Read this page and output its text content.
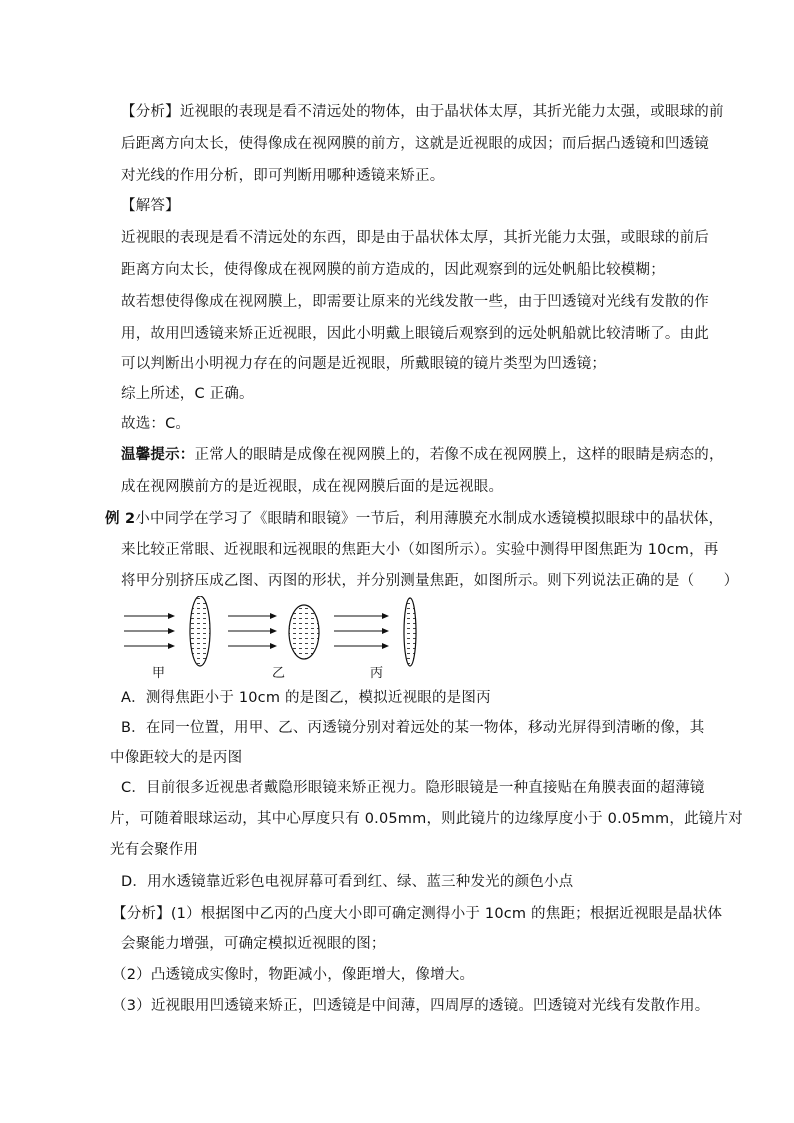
【分析】近视眼的表现是看不清远处的物体，由于晶状体太厚，其折光能力太强，或眼球的前
后距离方向太长，使得像成在视网膜的前方，这就是近视眼的成因；而后据凸透镜和凹透镜
对光线的作用分析，即可判断用哪种透镜来矫正。
【解答】
近视眼的表现是看不清远处的东西，即是由于晶状体太厚，其折光能力太强，或眼球的前后
距离方向太长，使得像成在视网膜的前方造成的，因此观察到的远处帆船比较模糊；
故若想使得像成在视网膜上，即需要让原来的光线发散一些，由于凹透镜对光线有发散的作
用，故用凹透镜来矫正近视眼，因此小明戴上眼镜后观察到的远处帆船就比较清晰了。由此
可以判断出小明视力存在的问题是近视眼，所戴眼镜的镜片类型为凹透镜；
综上所述，C 正确。
故选：C。
温馨提示：正常人的眼睛是成像在视网膜上的，若像不成在视网膜上，这样的眼睛是病态的，
成在视网膜前方的是近视眼，成在视网膜后面的是远视眼。
例 2小中同学在学习了《眼睛和眼镜》一节后，利用薄膜充水制成水透镜模拟眼球中的晶状体，
来比较正常眼、近视眼和远视眼的焦距大小（如图所示）。实验中测得甲图焦距为 10cm，再
将甲分别挤压成乙图、丙图的形状，并分别测量焦距，如图所示。则下列说法正确的是（　　）
甲	乙	丙
A．测得焦距小于 10cm 的是图乙，模拟近视眼的是图丙
B．在同一位置，用甲、乙、丙透镜分别对着远处的某一物体，移动光屏得到清晰的像，其
中像距较大的是丙图
C．目前很多近视患者戴隐形眼镜来矫正视力。隐形眼镜是一种直接贴在角膜表面的超薄镜
片，可随着眼球运动，其中心厚度只有 0.05mm，则此镜片的边缘厚度小于 0.05mm，此镜片对
光有会聚作用
D．用水透镜靠近彩色电视屏幕可看到红、绿、蓝三种发光的颜色小点
【分析】(1）根据图中乙丙的凸度大小即可确定测得小于 10cm 的焦距；根据近视眼是晶状体
会聚能力增强，可确定模拟近视眼的图；
（2）凸透镜成实像时，物距减小，像距增大，像增大。
（3）近视眼用凹透镜来矫正，凹透镜是中间薄，四周厚的透镜。凹透镜对光线有发散作用。
